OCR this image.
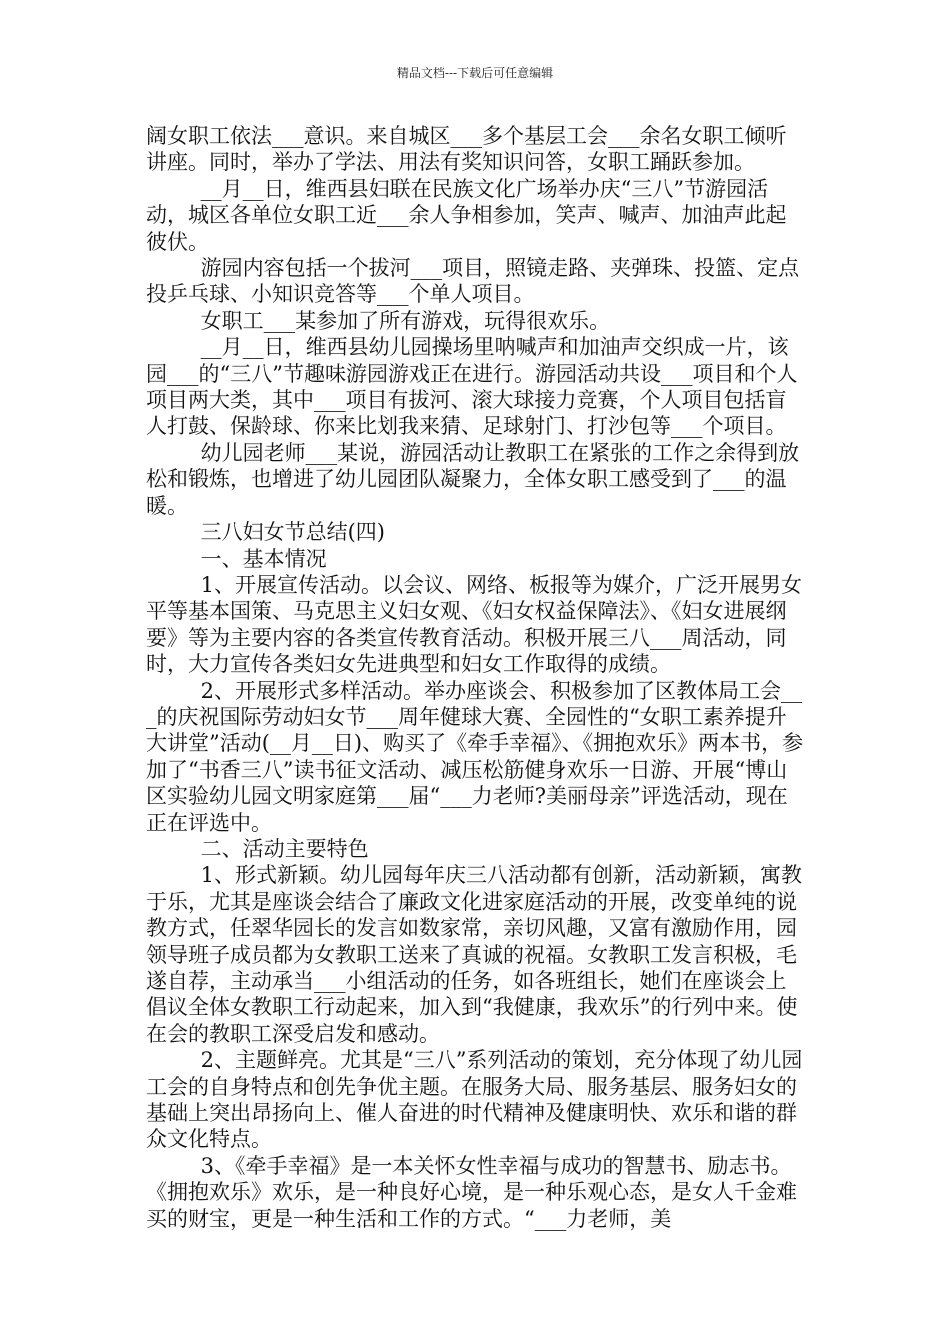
精品文档---下载后可任意编辑

阔女职工依法___意识。来自城区___多个基层工会___余名女职工倾听讲座。同时，举办了学法、用法有奖知识问答，女职工踊跃参加。

__月__日，维西县妇联在民族文化广场举办庆“三八”节游园活动，城区各单位女职工近___余人争相参加，笑声、喊声、加油声此起彼伏。

游园内容包括一个拔河___项目，照镜走路、夹弹珠、投篮、定点投乒乓球、小知识竞答等___个单人项目。

女职工___某参加了所有游戏，玩得很欢乐。

__月__日，维西县幼儿园操场里呐喊声和加油声交织成一片，该园___的“三八”节趣味游园游戏正在进行。游园活动共设___项目和个人项目两大类，其中___项目有拔河、滚大球接力竞赛，个人项目包括盲人打鼓、保龄球、你来比划我来猜、足球射门、打沙包等___个项目。

幼儿园老师___某说，游园活动让教职工在紧张的工作之余得到放松和锻炼，也增进了幼儿园团队凝聚力，全体女职工感受到了___的温暖。

三八妇女节总结(四)

一、基本情况

1、开展宣传活动。以会议、网络、板报等为媒介，广泛开展男女平等基本国策、马克思主义妇女观、《妇女权益保障法》、《妇女进展纲要》等为主要内容的各类宣传教育活动。积极开展三八___周活动，同时，大力宣传各类妇女先进典型和妇女工作取得的成绩。

2、开展形式多样活动。举办座谈会、积极参加了区教体局工会___的庆祝国际劳动妇女节___周年健球大赛、全园性的“女职工素养提升大讲堂”活动(__月__日)、购买了《牵手幸福》、《拥抱欢乐》两本书，参加了“书香三八”读书征文活动、减压松筋健身欢乐一日游、开展“博山区实验幼儿园文明家庭第___届“___力老师?美丽母亲”评选活动，现在正在评选中。

二、活动主要特色

1、形式新颖。幼儿园每年庆三八活动都有创新，活动新颖，寓教于乐，尤其是座谈会结合了廉政文化进家庭活动的开展，改变单纯的说教方式，任翠华园长的发言如数家常，亲切风趣，又富有激励作用，园领导班子成员都为女教职工送来了真诚的祝福。女教职工发言积极，毛遂自荐，主动承当___小组活动的任务，如各班组长，她们在座谈会上倡议全体女教职工行动起来，加入到“我健康，我欢乐”的行列中来。使在会的教职工深受启发和感动。

2、主题鲜亮。尤其是“三八”系列活动的策划，充分体现了幼儿园工会的自身特点和创先争优主题。在服务大局、服务基层、服务妇女的基础上突出昂扬向上、催人奋进的时代精神及健康明快、欢乐和谐的群众文化特点。

3、《牵手幸福》是一本关怀女性幸福与成功的智慧书、励志书。《拥抱欢乐》欢乐，是一种良好心境，是一种乐观心态，是女人千金难买的财宝，更是一种生活和工作的方式。“___力老师，美
